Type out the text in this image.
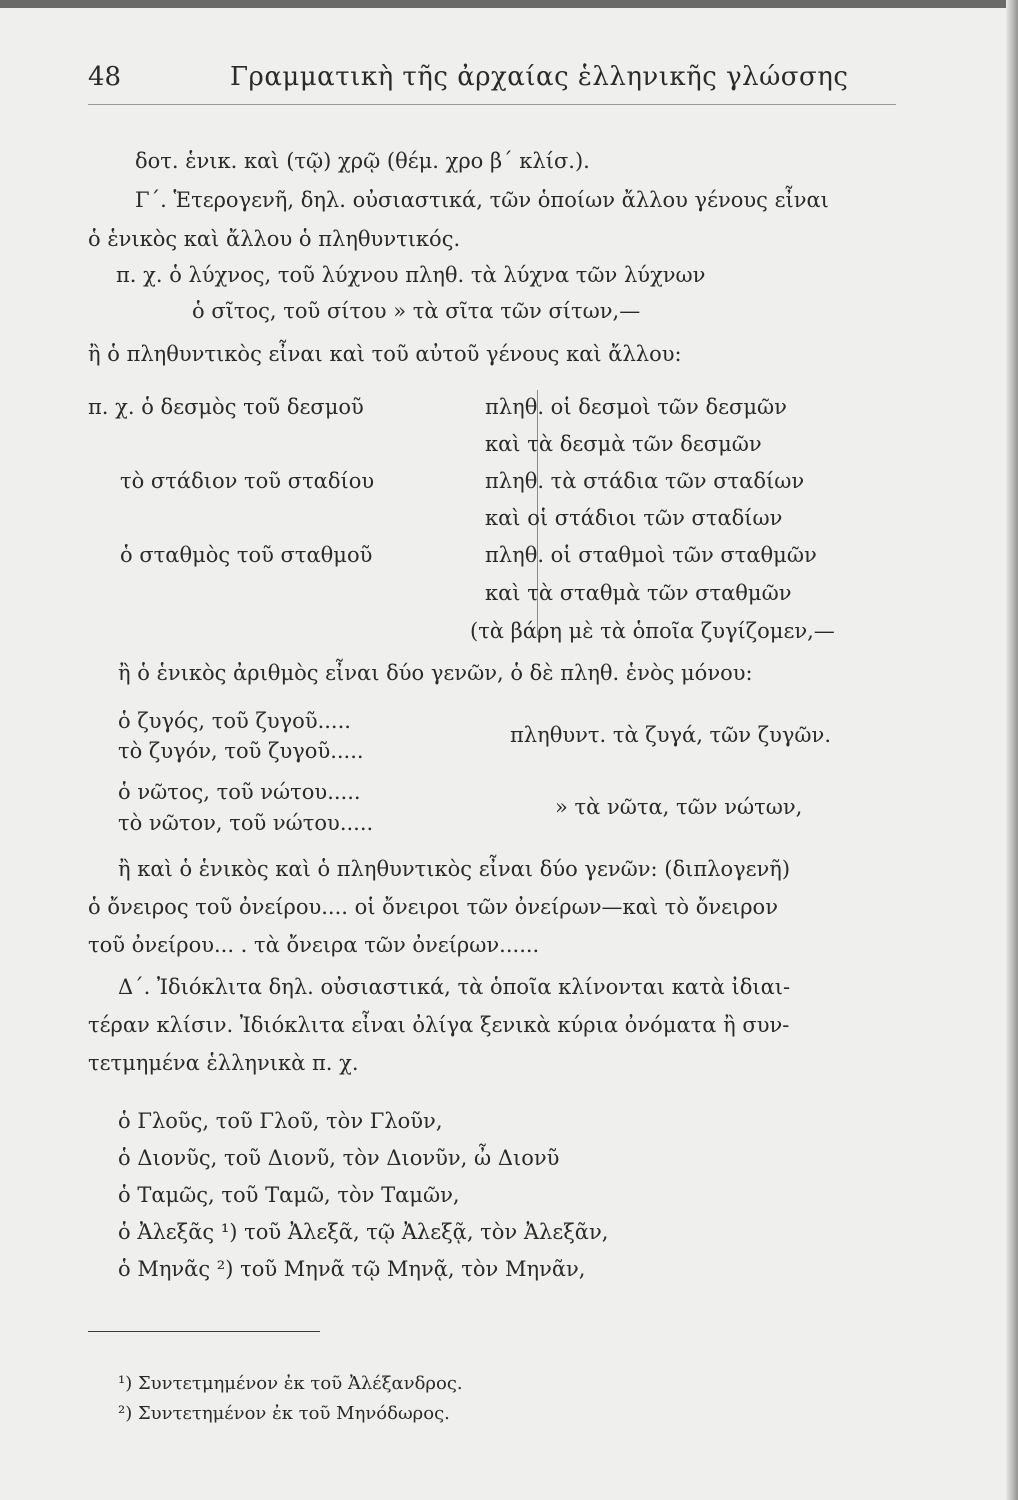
48	Γραμματικὴ τῆς ἀρχαίας ἑλληνικῆς γλώσσης
δοτ. ἑνικ. καὶ (τῷ) χρῷ (θέμ. χρο β΄ κλίσ.).
Γ΄. Ἑτερογενῆ, δηλ. οὐσιαστικά, τῶν ὁποίων ἄλλου γένους εἶναι
ὁ ἑνικὸς καὶ ἄλλου ὁ πληθυντικός.
π. χ. ὁ λύχνος, τοῦ λύχνου πληθ. τὰ λύχνα τῶν λύχνων
ὁ σῖτος, τοῦ σίτου » τὰ σῖτα τῶν σίτων,—
ἢ ὁ πληθυντικὸς εἶναι καὶ τοῦ αὐτοῦ γένους καὶ ἄλλου:
π. χ. ὁ δεσμὸς τοῦ δεσμοῦ	πληθ. οἱ δεσμοὶ τῶν δεσμῶν
καὶ τὰ δεσμὰ τῶν δεσμῶν
τὸ στάδιον τοῦ σταδίου	πληθ. τὰ στάδια τῶν σταδίων
καὶ οἱ στάδιοι τῶν σταδίων
ὁ σταθμὸς τοῦ σταθμοῦ	πληθ. οἱ σταθμοὶ τῶν σταθμῶν
καὶ τὰ σταθμὰ τῶν σταθμῶν
(τὰ βάρη μὲ τὰ ὁποῖα ζυγίζομεν,—
ἢ ὁ ἑνικὸς ἀριθμὸς εἶναι δύο γενῶν, ὁ δὲ πληθ. ἑνὸς μόνου:
ὁ ζυγός, τοῦ ζυγοῦ.....
τὸ ζυγόν, τοῦ ζυγοῦ.....
πληθυντ. τὰ ζυγά, τῶν ζυγῶν.
ὁ νῶτος, τοῦ νώτου.....
τὸ νῶτον, τοῦ νώτου.....
» τὰ νῶτα, τῶν νώτων,
ἢ καὶ ὁ ἑνικὸς καὶ ὁ πληθυντικὸς εἶναι δύο γενῶν: (διπλογενῆ)
ὁ ὄνειρος τοῦ ὀνείρου.... οἱ ὄνειροι τῶν ὀνείρων—καὶ τὸ ὄνειρον
τοῦ ὀνείρου... . τὰ ὄνειρα τῶν ὀνείρων......
Δ΄. Ἰδιόκλιτα δηλ. οὐσιαστικά, τὰ ὁποῖα κλίνονται κατὰ ἰδιαι-
τέραν κλίσιν. Ἰδιόκλιτα εἶναι ὀλίγα ξενικὰ κύρια ὀνόματα ἢ συν-
τετμημένα ἑλληνικὰ π. χ.
ὁ Γλοῦς, τοῦ Γλοῦ, τὸν Γλοῦν,
ὁ Διονῦς, τοῦ Διονῦ, τὸν Διονῦν, ὦ Διονῦ
ὁ Ταμῶς, τοῦ Ταμῶ, τὸν Ταμῶν,
ὁ Ἀλεξᾶς ¹) τοῦ Ἀλεξᾶ, τῷ Ἀλεξᾷ, τὸν Ἀλεξᾶν,
ὁ Μηνᾶς ²) τοῦ Μηνᾶ τῷ Μηνᾷ, τὸν Μηνᾶν,
¹) Συντετμημένον ἐκ τοῦ Ἀλέξανδρος.
²) Συντετημένον ἐκ τοῦ Μηνόδωρος.
